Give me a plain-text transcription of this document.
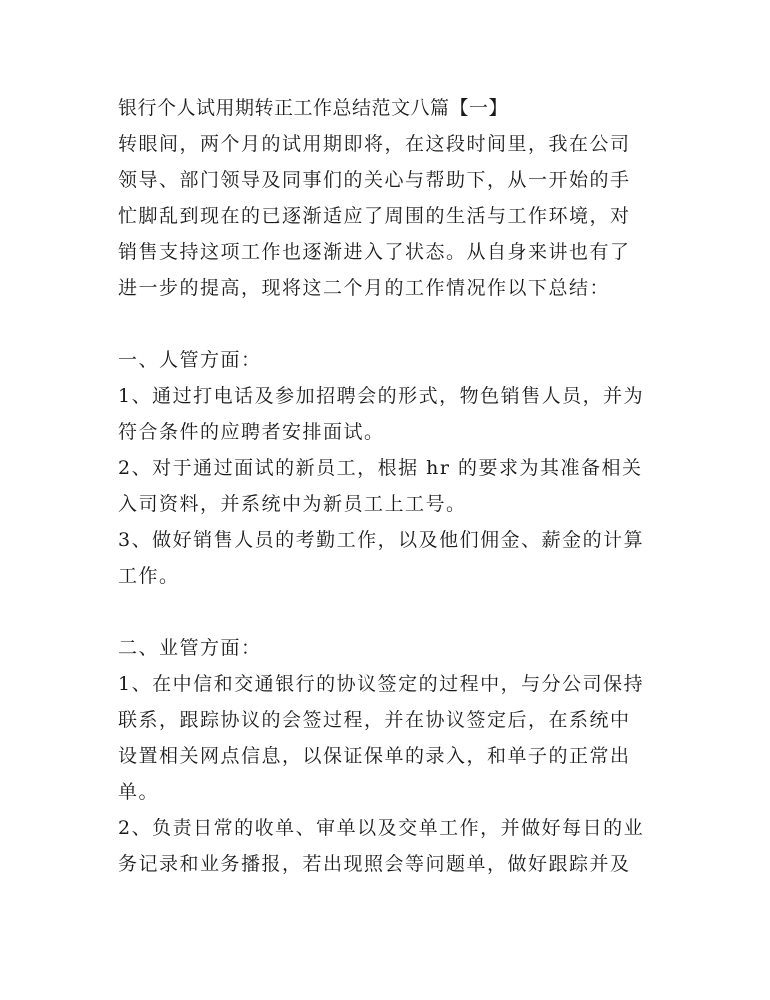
银行个人试用期转正工作总结范文八篇【一】
转眼间，两个月的试用期即将，在这段时间里，我在公司
领导、部门领导及同事们的关心与帮助下，从一开始的手
忙脚乱到现在的已逐渐适应了周围的生活与工作环境，对
销售支持这项工作也逐渐进入了状态。从自身来讲也有了
进一步的提高，现将这二个月的工作情况作以下总结：
一、人管方面：
1、通过打电话及参加招聘会的形式，物色销售人员，并为
符合条件的应聘者安排面试。
2、对于通过面试的新员工，根据 hr 的要求为其准备相关
入司资料，并系统中为新员工上工号。
3、做好销售人员的考勤工作，以及他们佣金、薪金的计算
工作。
二、业管方面：
1、在中信和交通银行的协议签定的过程中，与分公司保持
联系，跟踪协议的会签过程，并在协议签定后，在系统中
设置相关网点信息，以保证保单的录入，和单子的正常出
单。
2、负责日常的收单、审单以及交单工作，并做好每日的业
务记录和业务播报，若出现照会等问题单，做好跟踪并及
